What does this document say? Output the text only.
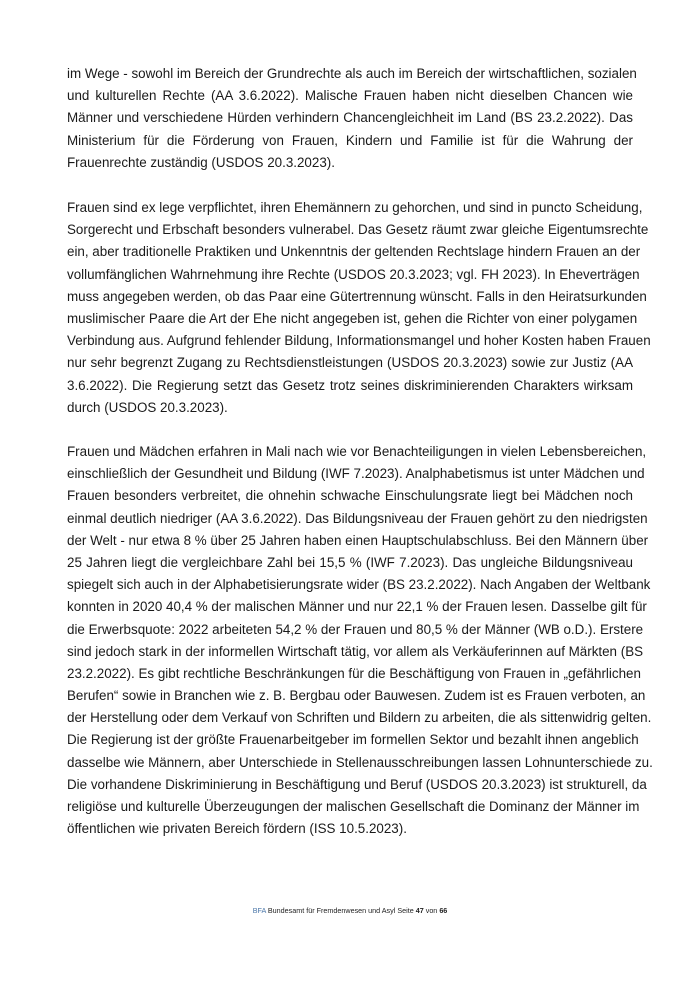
im Wege - sowohl im Bereich der Grundrechte als auch im Bereich der wirtschaftlichen, sozialen
und kulturellen Rechte (AA 3.6.2022). Malische Frauen haben nicht dieselben Chancen wie
Männer und verschiedene Hürden verhindern Chancengleichheit im Land (BS 23.2.2022). Das
Ministerium für die Förderung von Frauen, Kindern und Familie ist für die Wahrung der
Frauenrechte zuständig (USDOS 20.3.2023).
Frauen sind ex lege verpflichtet, ihren Ehemännern zu gehorchen, und sind in puncto Scheidung,
Sorgerecht und Erbschaft besonders vulnerabel. Das Gesetz räumt zwar gleiche Eigentumsrechte
ein, aber traditionelle Praktiken und Unkenntnis der geltenden Rechtslage hindern Frauen an der
vollumfänglichen Wahrnehmung ihre Rechte (USDOS 20.3.2023; vgl. FH 2023). In Eheverträgen
muss angegeben werden, ob das Paar eine Gütertrennung wünscht. Falls in den Heiratsurkunden
muslimischer Paare die Art der Ehe nicht angegeben ist, gehen die Richter von einer polygamen
Verbindung aus. Aufgrund fehlender Bildung, Informationsmangel und hoher Kosten haben Frauen
nur sehr begrenzt Zugang zu Rechtsdienstleistungen (USDOS 20.3.2023) sowie zur Justiz (AA
3.6.2022). Die Regierung setzt das Gesetz trotz seines diskriminierenden Charakters wirksam
durch (USDOS 20.3.2023).
Frauen und Mädchen erfahren in Mali nach wie vor Benachteiligungen in vielen Lebensbereichen,
einschließlich der Gesundheit und Bildung (IWF 7.2023). Analphabetismus ist unter Mädchen und
Frauen besonders verbreitet, die ohnehin schwache Einschulungsrate liegt bei Mädchen noch
einmal deutlich niedriger (AA 3.6.2022). Das Bildungsniveau der Frauen gehört zu den niedrigsten
der Welt - nur etwa 8 % über 25 Jahren haben einen Hauptschulabschluss. Bei den Männern über
25 Jahren liegt die vergleichbare Zahl bei 15,5 % (IWF 7.2023). Das ungleiche Bildungsniveau
spiegelt sich auch in der Alphabetisierungsrate wider (BS 23.2.2022). Nach Angaben der Weltbank
konnten in 2020 40,4 % der malischen Männer und nur 22,1 % der Frauen lesen. Dasselbe gilt für
die Erwerbsquote: 2022 arbeiteten 54,2 % der Frauen und 80,5 % der Männer (WB o.D.). Erstere
sind jedoch stark in der informellen Wirtschaft tätig, vor allem als Verkäuferinnen auf Märkten (BS
23.2.2022). Es gibt rechtliche Beschränkungen für die Beschäftigung von Frauen in „gefährlichen
Berufen“ sowie in Branchen wie z. B. Bergbau oder Bauwesen. Zudem ist es Frauen verboten, an
der Herstellung oder dem Verkauf von Schriften und Bildern zu arbeiten, die als sittenwidrig gelten.
Die Regierung ist der größte Frauenarbeitgeber im formellen Sektor und bezahlt ihnen angeblich
dasselbe wie Männern, aber Unterschiede in Stellenausschreibungen lassen Lohnunterschiede zu.
Die vorhandene Diskriminierung in Beschäftigung und Beruf (USDOS 20.3.2023) ist strukturell, da
religiöse und kulturelle Überzeugungen der malischen Gesellschaft die Dominanz der Männer im
öffentlichen wie privaten Bereich fördern (ISS 10.5.2023).
BFA Bundesamt für Fremdenwesen und Asyl Seite 47 von 66
